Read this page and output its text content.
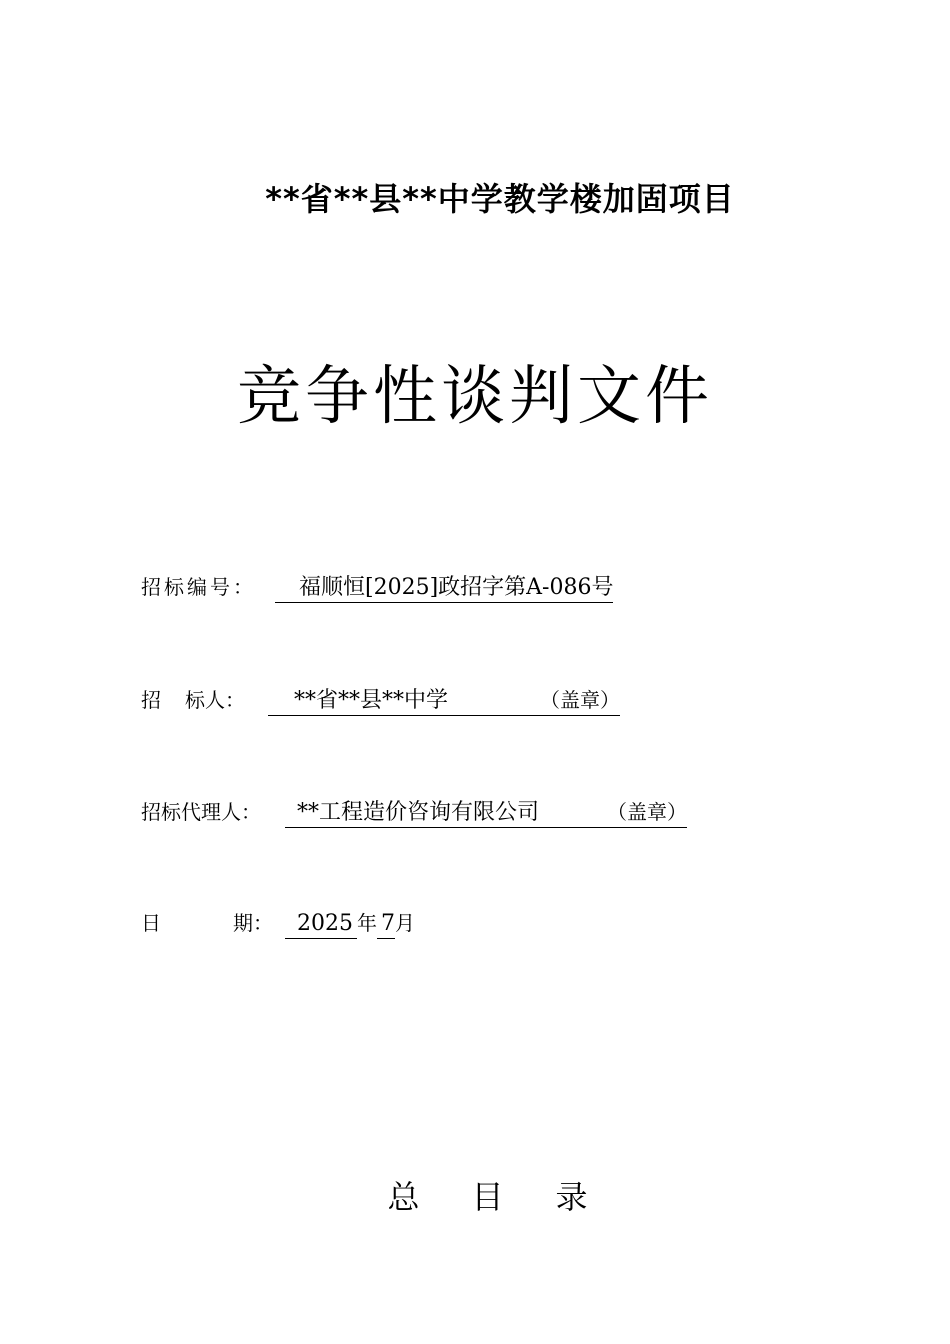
**省**县**中学教学楼加固项目
竞争性谈判文件
招标编号： 福顺恒[2025]政招字第A-086号
招 标人： **省**县**中学	（盖章）
招标代理人： **工程造价咨询有限公司	（盖章）
日	期： 2025 年 7月
总 目 录
